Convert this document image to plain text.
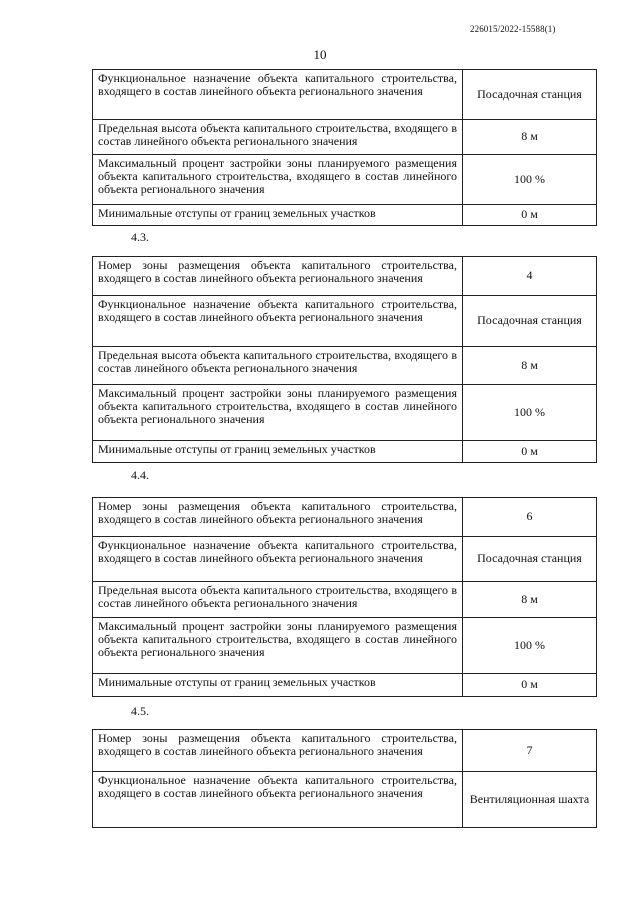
226015/2022-15588(1)
10
Функциональное назначение объекта капитального строительства, входящего в состав линейного объекта регионального значения	Посадочная станция
Предельная высота объекта капитального строительства, входящего в состав линейного объекта регионального значения	8 м
Максимальный процент застройки зоны планируемого размещения объекта капитального строительства, входящего в состав линейного объекта регионального значения	100 %
Минимальные отступы от границ земельных участков	0 м
4.3.
Номер зоны размещения объекта капитального строительства, входящего в состав линейного объекта регионального значения	4
Функциональное назначение объекта капитального строительства, входящего в состав линейного объекта регионального значения	Посадочная станция
Предельная высота объекта капитального строительства, входящего в состав линейного объекта регионального значения	8 м
Максимальный процент застройки зоны планируемого размещения объекта капитального строительства, входящего в состав линейного объекта регионального значения	100 %
Минимальные отступы от границ земельных участков	0 м
4.4.
Номер зоны размещения объекта капитального строительства, входящего в состав линейного объекта регионального значения	6
Функциональное назначение объекта капитального строительства, входящего в состав линейного объекта регионального значения	Посадочная станция
Предельная высота объекта капитального строительства, входящего в состав линейного объекта регионального значения	8 м
Максимальный процент застройки зоны планируемого размещения объекта капитального строительства, входящего в состав линейного объекта регионального значения	100 %
Минимальные отступы от границ земельных участков	0 м
4.5.
Номер зоны размещения объекта капитального строительства, входящего в состав линейного объекта регионального значения	7
Функциональное назначение объекта капитального строительства, входящего в состав линейного объекта регионального значения	Вентиляционная шахта
